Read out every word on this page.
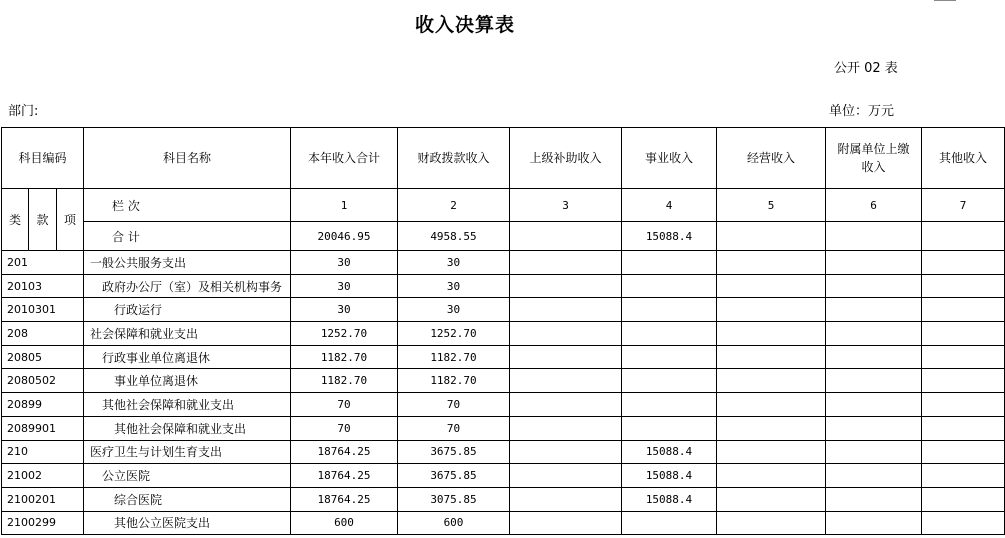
收入决算表
公开 02 表
部门:	单位：万元
科目编码			科目名称	本年收入合计	财政拨款收入	上级补助收入	事业收入	经营收入	附属单位上缴收入	其他收入
类	款	项	栏 次	1	2	3	4	5	6	7
			合 计	20046.95	4958.55		15088.4			
201			一般公共服务支出	30	30					
20103			政府办公厅（室）及相关机构事务	30	30					
2010301			行政运行	30	30					
208			社会保障和就业支出	1252.70	1252.70					
20805			行政事业单位离退休	1182.70	1182.70					
2080502			事业单位离退休	1182.70	1182.70					
20899			其他社会保障和就业支出	70	70					
2089901			其他社会保障和就业支出	70	70					
210			医疗卫生与计划生育支出	18764.25	3675.85		15088.4			
21002			公立医院	18764.25	3675.85		15088.4			
2100201			综合医院	18764.25	3075.85		15088.4			
2100299			其他公立医院支出	600	600					
